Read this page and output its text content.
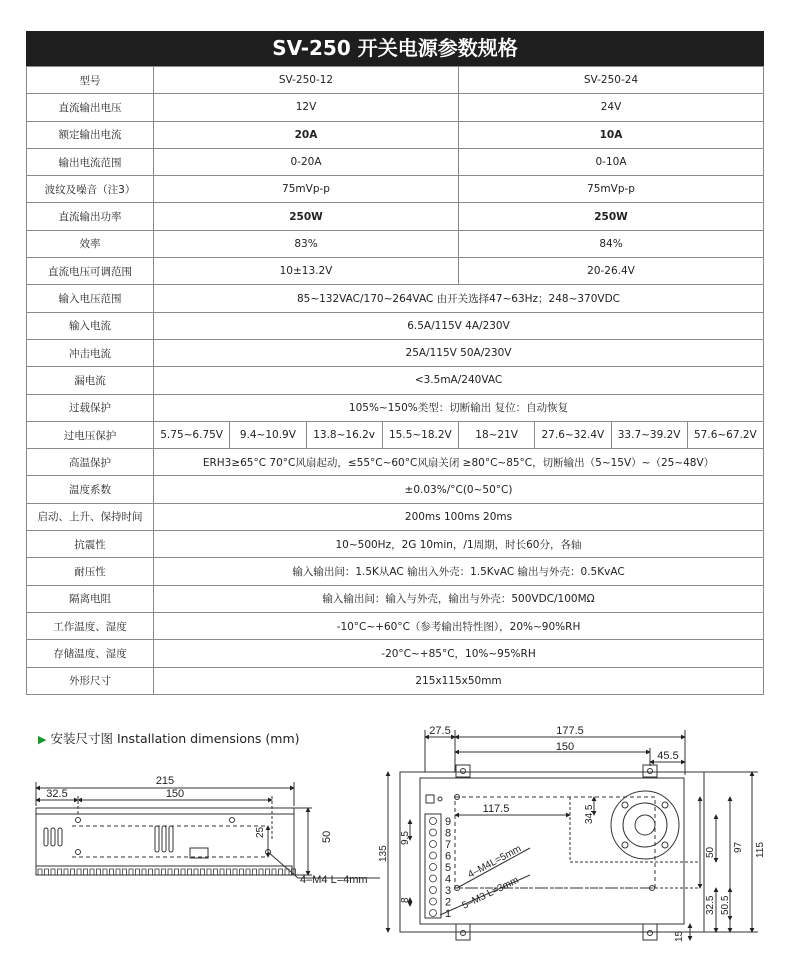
SV-250 开关电源参数规格
型号	SV-250-12				SV-250-24			
直流输出电压	12V				24V			
额定输出电流	20A				10A			
输出电流范围	0-20A				0-10A			
波纹及噪音（注3）	75mVp-p				75mVp-p			
直流输出功率	250W				250W			
效率	83%				84%			
直流电压可调范围	10±13.2V				20-26.4V			
输入电压范围	85~132VAC/170~264VAC 由开关选择47~63Hz；248~370VDC							
输入电流	6.5A/115V 4A/230V							
冲击电流	25A/115V 50A/230V							
漏电流	<3.5mA/240VAC							
过载保护	105%~150%类型：切断输出 复位：自动恢复							
过电压保护	5.75~6.75V	9.4~10.9V	13.8~16.2v	15.5~18.2V	18~21V	27.6~32.4V	33.7~39.2V	57.6~67.2V
高温保护	ERH3≥65°C 70°C风扇起动，≤55°C~60°C风扇关闭 ≥80°C~85°C，切断输出（5~15V）~（25~48V）							
温度系数	±0.03%/°C(0~50°C)							
启动、上升、保持时间	200ms 100ms 20ms							
抗震性	10~500Hz，2G 10min，/1周期，时长60分，各轴							
耐压性	输入输出间：1.5K从AC 输出入外壳：1.5KvAC 输出与外壳：0.5KvAC							
隔离电阻	输入输出间：输入与外壳，输出与外壳：500VDC/100MΩ							
工作温度、湿度	-10°C~+60°C（参考输出特性图），20%~90%RH							
存储温度、湿度	-20°C~+85°C，10%~95%RH							
外形尺寸	215x115x50mm							
▶ 安装尺寸图 Installation dimensions (mm)
215
32.5	150
25	50
4–M4 L=4mm
9
8
7
6
5
4
3
2
1
27.5	177.5
150
45.5
117.5	34.5
9.5
135
8
50 97 115
32.5 50.5
15
4–M4L=5mm
5–M3 L=3mm
